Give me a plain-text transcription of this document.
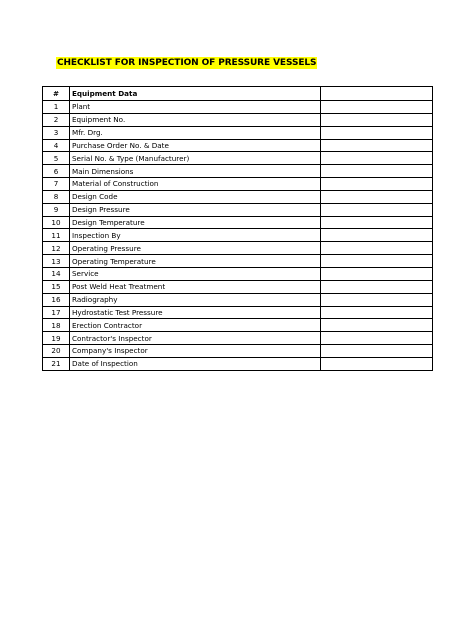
CHECKLIST FOR INSPECTION OF PRESSURE VESSELS
#	Equipment Data	
1	Plant	
2	Equipment No.	
3	Mfr. Drg.	
4	Purchase Order No. & Date	
5	Serial No. & Type (Manufacturer)	
6	Main Dimensions	
7	Material of Construction	
8	Design Code	
9	Design Pressure	
10	Design Temperature	
11	Inspection By	
12	Operating Pressure	
13	Operating Temperature	
14	Service	
15	Post Weld Heat Treatment	
16	Radiography	
17	Hydrostatic Test Pressure	
18	Erection Contractor	
19	Contractor's Inspector	
20	Company's Inspector	
21	Date of Inspection	
